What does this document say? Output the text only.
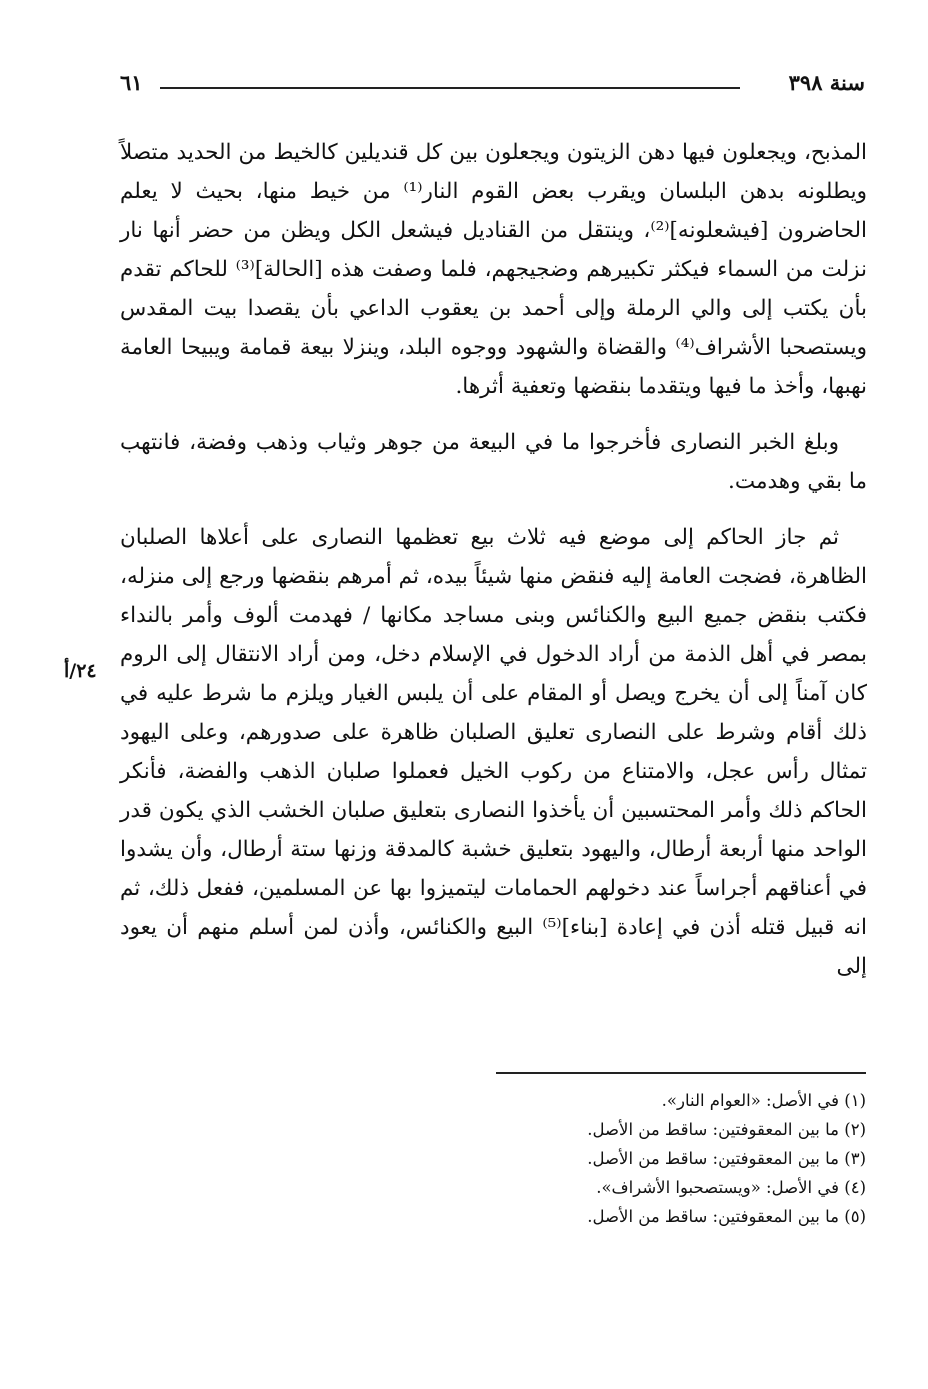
سنة ٣٩٨
٦١
٢٤/أ

المذبح، ويجعلون فيها دهن الزيتون ويجعلون بين كل قنديلين كالخيط من الحديد متصلاً ويطلونه بدهن البلسان ويقرب بعض القوم النار⁽¹⁾ من خيط منها، بحيث لا يعلم الحاضرون [فيشعلونه]⁽²⁾، وينتقل من القناديل فيشعل الكل ويظن من حضر أنها نار نزلت من السماء فيكثر تكبيرهم وضجيجهم، فلما وصفت هذه [الحالة]⁽³⁾ للحاكم تقدم بأن يكتب إلى والي الرملة وإلى أحمد بن يعقوب الداعي بأن يقصدا بيت المقدس ويستصحبا الأشراف⁽⁴⁾ والقضاة والشهود ووجوه البلد، وينزلا بيعة قمامة ويبيحا العامة نهبها، وأخذ ما فيها ويتقدما بنقضها وتعفية أثرها.

وبلغ الخبر النصارى فأخرجوا ما في البيعة من جوهر وثياب وذهب وفضة، فانتهب ما بقي وهدمت.

ثم جاز الحاكم إلى موضع فيه ثلاث بيع تعظمها النصارى على أعلاها الصلبان الظاهرة، فضجت العامة إليه فنقض منها شيئاً بيده، ثم أمرهم بنقضها ورجع إلى منزله، فكتب بنقض جميع البيع والكنائس وبنى مساجد مكانها / فهدمت ألوف وأمر بالنداء بمصر في أهل الذمة من أراد الدخول في الإسلام دخل، ومن أراد الانتقال إلى الروم كان آمناً إلى أن يخرج ويصل أو المقام على أن يلبس الغيار ويلزم ما شرط عليه في ذلك أقام وشرط على النصارى تعليق الصلبان ظاهرة على صدورهم، وعلى اليهود تمثال رأس عجل، والامتناع من ركوب الخيل فعملوا صلبان الذهب والفضة، فأنكر الحاكم ذلك وأمر المحتسبين أن يأخذوا النصارى بتعليق صلبان الخشب الذي يكون قدر الواحد منها أربعة أرطال، واليهود بتعليق خشبة كالمدقة وزنها ستة أرطال، وأن يشدوا في أعناقهم أجراساً عند دخولهم الحمامات ليتميزوا بها عن المسلمين، ففعل ذلك، ثم انه قبيل قتله أذن في إعادة [بناء]⁽⁵⁾ البيع والكنائس، وأذن لمن أسلم منهم أن يعود إلى

(١) في الأصل: «العوام النار».
(٢) ما بين المعقوفتين: ساقط من الأصل.
(٣) ما بين المعقوفتين: ساقط من الأصل.
(٤) في الأصل: «ويستصحبوا الأشراف».
(٥) ما بين المعقوفتين: ساقط من الأصل.
